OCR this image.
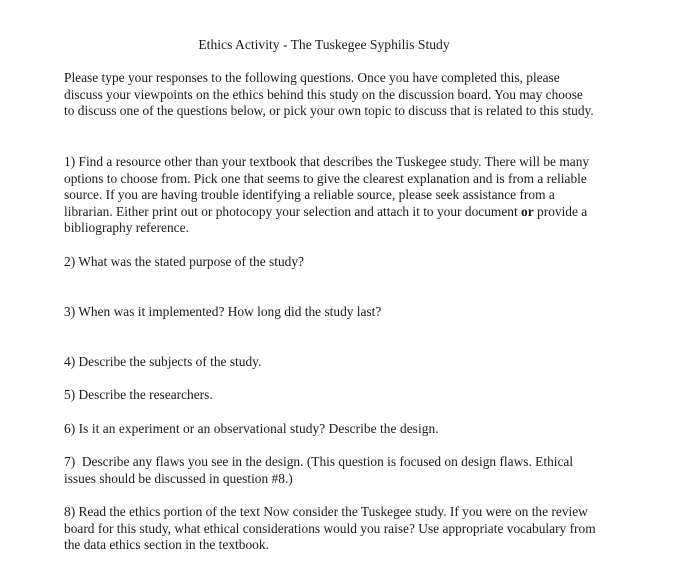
Ethics Activity - The Tuskegee Syphilis Study

Please type your responses to the following questions. Once you have completed this, please discuss your viewpoints on the ethics behind this study on the discussion board. You may choose to discuss one of the questions below, or pick your own topic to discuss that is related to this study.

1) Find a resource other than your textbook that describes the Tuskegee study. There will be many options to choose from. Pick one that seems to give the clearest explanation and is from a reliable source. If you are having trouble identifying a reliable source, please seek assistance from a librarian. Either print out or photocopy your selection and attach it to your document or provide a bibliography reference.

2) What was the stated purpose of the study?

3) When was it implemented? How long did the study last?

4) Describe the subjects of the study.

5) Describe the researchers.

6) Is it an experiment or an observational study? Describe the design.

7)  Describe any flaws you see in the design. (This question is focused on design flaws. Ethical issues should be discussed in question #8.)

8) Read the ethics portion of the text Now consider the Tuskegee study. If you were on the review board for this study, what ethical considerations would you raise? Use appropriate vocabulary from the data ethics section in the textbook.
